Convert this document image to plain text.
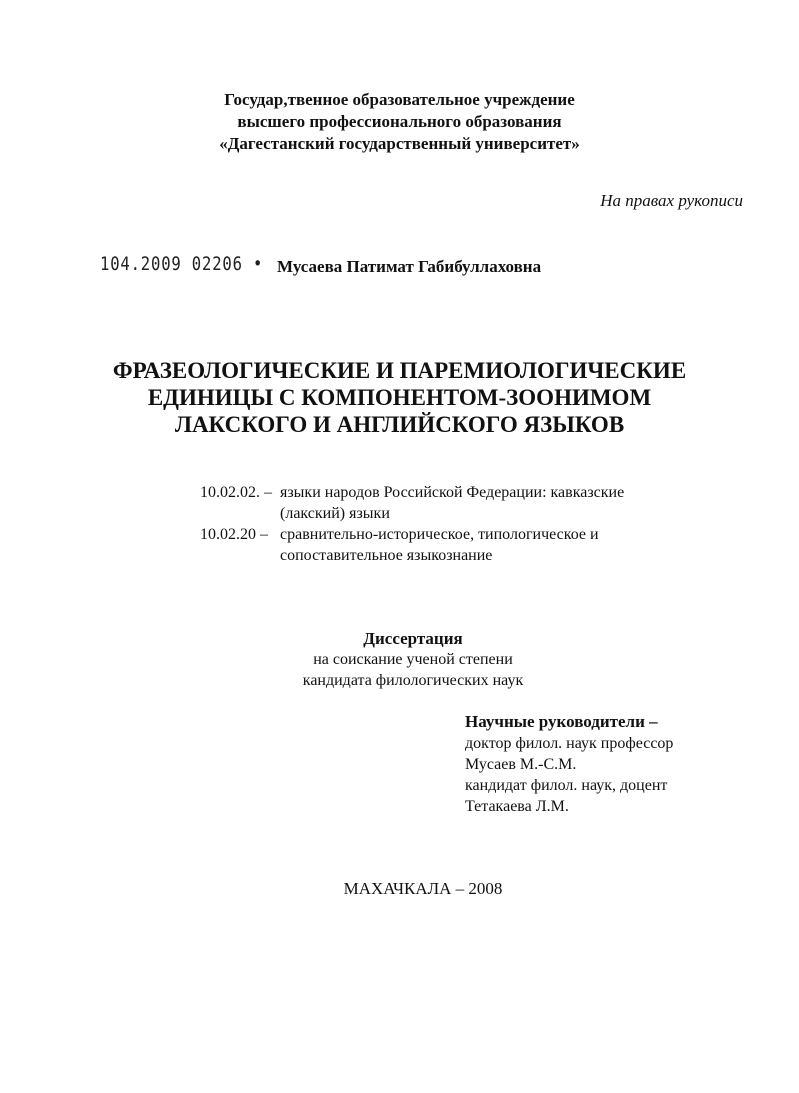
Государ,твенное образовательное учреждение
высшего профессионального образования
«Дагестанский государственный университет»
На правах рукописи
104.2009 02206 • Мусаева Патимат Габибуллаховна
ФРАЗЕОЛОГИЧЕСКИЕ И ПАРЕМИОЛОГИЧЕСКИЕ
ЕДИНИЦЫ С КОМПОНЕНТОМ-ЗООНИМОМ
ЛАКСКОГО И АНГЛИЙСКОГО ЯЗЫКОВ
10.02.02. – языки народов Российской Федерации: кавказские
(лакский) языки
10.02.20 – сравнительно-историческое, типологическое и
сопоставительное языкознание
Диссертация
на соискание ученой степени
кандидата филологических наук
Научные руководители –
доктор филол. наук профессор
Мусаев М.-С.М.
кандидат филол. наук, доцент
Тетакаева Л.М.
МАХАЧКАЛА – 2008
